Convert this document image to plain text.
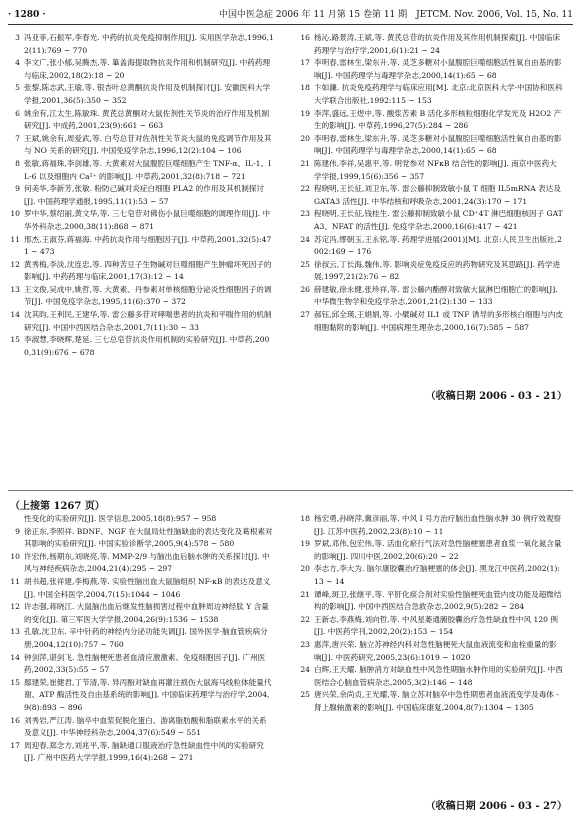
· 1280 ·	中国中医急症 2006 年 11 月第 15 卷第 11 期　JETCM. Nov. 2006, Vol. 15, No. 11
3 冯亚菲,石振军,李春光. 中药的抗炎免疫抑制作用[J]. 实用医学杂志,1996,12(11):769 ~ 770
4 李文广,张小郁,吴腾杰,等. 蓽盖海提取物抗炎作用和机制研究[J]. 中药药理与临床,2002,18(2):18 ~ 20
5 张黎,陈志武,王瑜,等. 银杏叶总黄酮抗炎作用及机制探讨[J]. 安徽医科大学学报,2001,36(5):350 ~ 352
6 姚余有,江太生,陈敏珠. 黄芪总黄酮对大鼠佐剂性关节炎的治疗作用及机制研究[J]. 中成药,2001,23(9):661 ~ 663
7 王斌,姚余有,周爱武,等. 白芍总苷对佐剂性关节炎大鼠的免疫调节作用及其与 NO 关系的研究[J]. 中国免疫学杂志,1996,12(2):104 ~ 106
8 张敏,蒋福珠,李剑雄,等. 大黄素对大鼠腹腔巨噬细胞产生 TNF-α、IL-1、IL-6 以及细胞内 Ca²⁺ 的影响[J]. 中草药,2001,32(8):718 ~ 721
9 何美华,李新芳,张敏. 粉防己碱对炎症白细胞 PLA2 的作用及其机制探讨[J]. 中国药理学通报,1995,11(1):53 ~ 57
10 罗中华,蔡绍丽,黄文华,等. 三七皂苷对佛伤小鼠巨噬细胞的调理作用[J]. 中华外科杂志,2000,38(11):868 ~ 871
11 邢杰,王淑芬,蒋福海. 中药抗炎作用与细胞因子[J]. 中草药,2001,32(5):471 ~ 473
12 黄秀梅,李淡,沈连忠,等. 四种苦豆子生物碱对巨噬细胞产生肿瘤坏死因子的影响[J]. 中药药理与临床,2001,17(3):12 ~ 14
13 王文俊,吴成中,姚哲,等. 大黄素、丹参素对单核细胞分泌炎性细胞因子的调节[J]. 中国免疫学杂志,1995,11(6):370 ~ 372
14 沈其昀,王利民,王建华,等. 雷公藤多苷对哮喘患者的抗炎和平喘作用的机制研究[J]. 中国中西医结合杂志,2001,7(11):30 ~ 33
15 李淑慧,李晓辉,楚延. 三七总皂苷抗炎作用机制的实验研究[J]. 中草药,2000,31(9):676 ~ 678
16 杨沁,路景涛,王斌,等. 黄芪总苷的抗炎作用及其作用机制探索[J]. 中国临床药理学与治疗学,2001,6(1):21 ~ 24
17 李明春,雷林生,梁东升,等. 灵芝多糖对小鼠腹腔巨噬细胞活性氧自由基的影响[J]. 中国药理学与毒理学杂志,2000,14(1):65 ~ 68
18 卞如濂. 抗炎免疫药理学与临床应用[M]. 北京:北京医科大学·中国协和医科大学联合出版社,1992:115 ~ 153
19 李萍,盛远,王煜中,等. 酸浆苦素 B 活化多形核粒细胞化学发光及 H2O2 产生的影响[J]. 中草药,1996,27(5):284 ~ 286
20 李明春,雷林生,梁东升,等. 灵芝多糖对小鼠腹腔巨噬细胞活性氧自由基的影响[J]. 中国药理学与毒理学杂志,2000,14(1):65 ~ 68
21 陈建伟,李祥,吴惠平,等. 明党参对 NFκB 结合性的影响[J]. 南京中医药大学学报,1999,15(6):356 ~ 357
22 程晓明,王长征,刘卫东,等. 雷公藤抑制致敏小鼠 T 细胞 IL5mRNA 表达及 GATA3 活性[J]. 中华结核和呼吸杂志,2001,24(3):170 ~ 171
23 程晓明,王长征,钱桂生. 雷公藤抑制致敏小鼠 CD⁺4T 淋巴细胞核因子 GATA3、NFAT 的活性[J]. 免疫学杂志,2000,16(6):417 ~ 421
24 苏定冯,缪朝玉,王永铭,等. 药理学进展(2001)[M]. 北京:人民卫生出版社,2002:169 ~ 176
25 徐叔云,丁长海,魏伟,等. 影响炎症免疫反应的药物研究及其思路[J]. 药学进展,1997,21(2):76 ~ 82
26 薛建敏,徐永健,张珍祥,等. 雷公藤内酯醇对致敏大鼠淋巴细胞亡的影响[J]. 中华微生物学和免疫学杂志,2001,21(2):130 ~ 133
27 郝钰,邱全瑛,王娟娟,等. 小檗碱对 IL1 或 TNF 诱导的多形核白细胞与内皮细胞黏附的影响[J]. 中国病理生理杂志,2000,16(7):585 ~ 587
（收稿日期 2006 - 03 - 21）
（上接第 1267 页）
性变化的实验研究[J]. 医学信息,2005,18(8):957 ~ 958
9 徐正东,李照祥. BDNF、NGF 在大鼠局灶性脑缺血的表达变化及葛根素对其影响的实验研究[J]. 中国实验诊断学,2005,9(4):578 ~ 580
10 许宏伟,杨期东,刘晓亮,等. MMP-2/9 与脑出血后脑水肿的关系探讨[J]. 中风与神经疾病杂志,2004,21(4):295 ~ 297
11 胡书超,张祥建,李梅燕,等. 实验性脑出血大鼠脑组织 NF-κB 的表达及意义[J]. 中国全科医学,2004,7(15):1044 ~ 1046
12 许志强,蒋晓江. 大鼠脑出血后继发性脑损害过程中血肿周边神经肽 Y 含量的变化[J]. 第三军医大学学报,2004,26(9):1536 ~ 1538
13 孔敏,沈卫东. 辛中针药的神经内分泌功能失调[J]. 国外医学·脑血管疾病分册,2004,12(10):757 ~ 760
14 钟剑萍,谌剑飞. 急性脑梗死患者血清应激激素、免疫细胞因子[J]. 广州医药,2002,33(5):55 ~ 57
15 鄢建荣,崔健君,丁节清,等. 异丙酚对缺血再灌注损伤大鼠海马线粒体能量代谢、ATP 酶活性及自由基系统的影响[J]. 中国临床药理学与治疗学,2004,9(8):893 ~ 896
16 刘秀岩,严江涛. 脑卒中血浆促脱化蛋白、游离脂肪酸和脂联素水平的关系及意义[J]. 中华神经科杂志,2004,37(6):549 ~ 551
17 周迎春,郑念方,刘兆平,等. 脑缺通口服液治疗急性缺血性中风的实验研究[J]. 广州中医药大学学报,1999,16(4):268 ~ 271
18 杨宏勇,孙晓萍,冀彦丽,等. 中风 I 号方治疗脑出血性脑水肿 30 例疗效观察[J]. 江苏中医药,2002,23(8):10 ~ 11
19 罗斌,邓伟,包宏伟,等. 活血化瘀行气法对急性脑梗塞患者血浆一氧化氮含量的影响[J]. 四川中医,2002,20(6):20 ~ 22
20 李志方,李大为. 脑尔康胶囊治疗脑梗塞的体会[J]. 黑龙江中医药,2002(1):13 ~ 14
21 谭峰,斑卫,张继平,等. 平肝化痰合剂对实验性脑梗死血管内皮功能及超微结构的影响[J]. 中国中西医结合急救杂志,2002,9(5):282 ~ 284
22 王新志,李燕梅,刘向哲,等. 中风星萎通腑胶囊治疗急性缺血性中风 120 例[J]. 中医药学刊,2002,20(2):153 ~ 154
23 惠萍,唐兴荣. 脑立苏神经内科对急性脑梗死大鼠血液流变和血栓重量的影响[J]. 中医药研究,2005,23(6):1019 ~ 1020
24 白辉,王天耀. 脑肿消方对缺血性中风急性期脑水肿作用的实验研究[J]. 中西医结合心脑血管病杂志,2005,3(2):146 ~ 148
25 唐兴荣,余尚贞,王光耀,等. 脑立苏对脑卒中急性期患者血液流变学及毒体 - 肾上腺轴激素的影响[J]. 中国临床康复,2004,8(7):1304 ~ 1305
（收稿日期 2006 - 03 - 27）
